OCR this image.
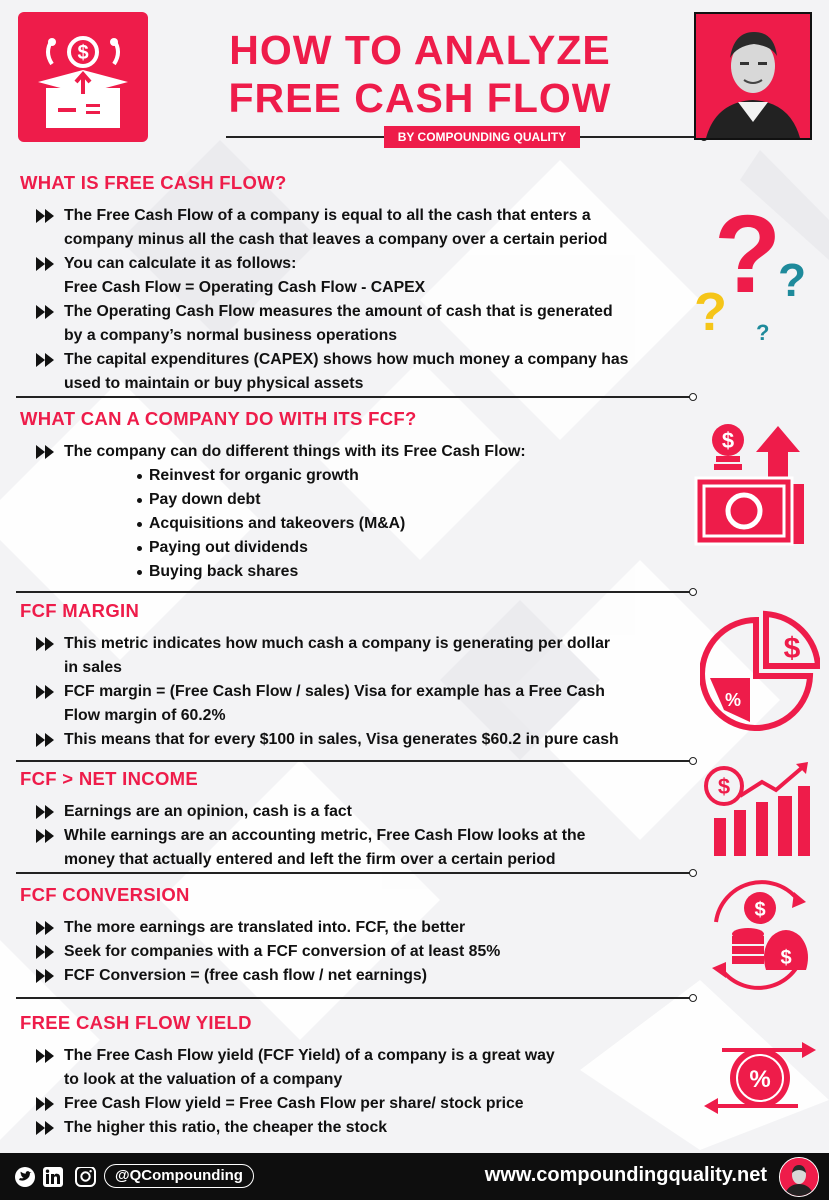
$	HOW TO ANALYZE
FREE CASH FLOW
BY COMPOUNDING QUALITY
WHAT IS FREE CASH FLOW?
The Free Cash Flow of a company is equal to all the cash that enters a
company minus all the cash that leaves a company over a certain period
You can calculate it as follows:
Free Cash Flow = Operating Cash Flow - CAPEX
The Operating Cash Flow measures the amount of cash that is generated
by a company’s normal business operations
The capital expenditures (CAPEX) shows how much money a company has
used to maintain or buy physical assets
?
?
? ?
WHAT CAN A COMPANY DO WITH ITS FCF?
The company can do different things with its Free Cash Flow:
Reinvest for organic growth
Pay down debt
Acquisitions and takeovers (M&A)
Paying out dividends
Buying back shares
$
FCF MARGIN
This metric indicates how much cash a company is generating per dollar
in sales
FCF margin = (Free Cash Flow / sales) Visa for example has a Free Cash
Flow margin of 60.2%
This means that for every $100 in sales, Visa generates $60.2 in pure cash
$
%
FCF > NET INCOME
Earnings are an opinion, cash is a fact
While earnings are an accounting metric, Free Cash Flow looks at the
money that actually entered and left the firm over a certain period
$
FCF CONVERSION
The more earnings are translated into. FCF, the better
Seek for companies with a FCF conversion of at least 85%
FCF Conversion = (free cash flow / net earnings)
$
$
FREE CASH FLOW YIELD
The Free Cash Flow yield (FCF Yield) of a company is a great way
to look at the valuation of a company
Free Cash Flow yield = Free Cash Flow per share/ stock price
The higher this ratio, the cheaper the stock
%
@QCompounding	www.compoundingquality.net
